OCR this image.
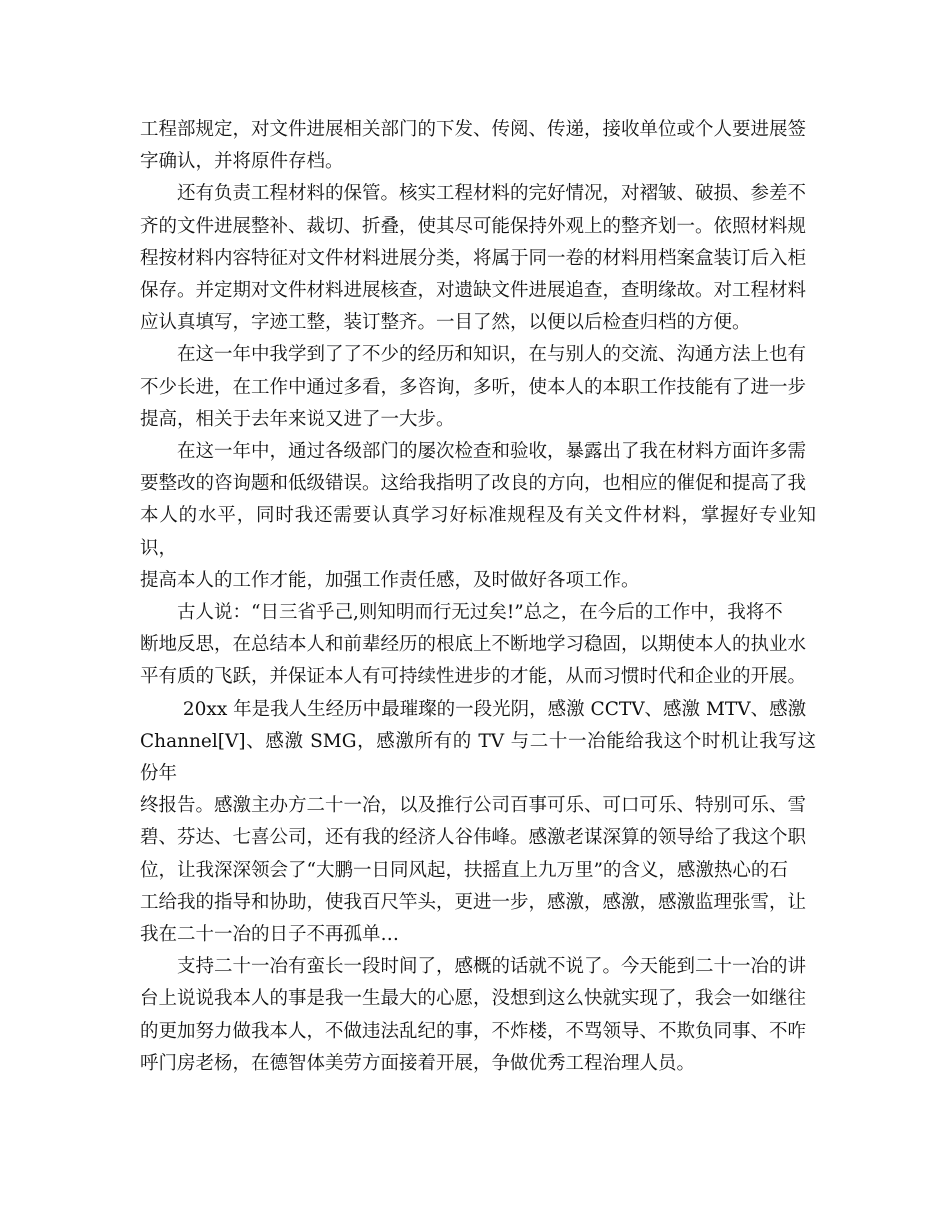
工程部规定，对文件进展相关部门的下发、传阅、传递，接收单位或个人要进展签
字确认，并将原件存档。

　　还有负责工程材料的保管。核实工程材料的完好情况，对褶皱、破损、参差不
齐的文件进展整补、裁切、折叠，使其尽可能保持外观上的整齐划一。依照材料规
程按材料内容特征对文件材料进展分类，将属于同一卷的材料用档案盒装订后入柜
保存。并定期对文件材料进展核查，对遗缺文件进展追查，查明缘故。对工程材料
应认真填写，字迹工整，装订整齐。一目了然，以便以后检查归档的方便。

　　在这一年中我学到了了不少的经历和知识，在与别人的交流、沟通方法上也有
不少长进，在工作中通过多看，多咨询，多听，使本人的本职工作技能有了进一步
提高，相关于去年来说又进了一大步。

　　在这一年中，通过各级部门的屡次检查和验收，暴露出了我在材料方面许多需
要整改的咨询题和低级错误。这给我指明了改良的方向，也相应的催促和提高了我
本人的水平，同时我还需要认真学习好标准规程及有关文件材料，掌握好专业知识，
提高本人的工作才能，加强工作责任感，及时做好各项工作。

　　古人说：“日三省乎己,则知明而行无过矣!”总之，在今后的工作中，我将不
断地反思，在总结本人和前辈经历的根底上不断地学习稳固，以期使本人的执业水
平有质的飞跃，并保证本人有可持续性进步的才能，从而习惯时代和企业的开展。

　　 20xx 年是我人生经历中最璀璨的一段光阴，感激 CCTV、感激 MTV、感激
Channel[V]、感激 SMG，感激所有的 TV 与二十一冶能给我这个时机让我写这份年
终报告。感激主办方二十一冶，以及推行公司百事可乐、可口可乐、特别可乐、雪
碧、芬达、七喜公司，还有我的经济人谷伟峰。感激老谋深算的领导给了我这个职
位，让我深深领会了“大鹏一日同风起，扶摇直上九万里”的含义，感激热心的石
工给我的指导和协助，使我百尺竿头，更进一步，感激，感激，感激监理张雪，让
我在二十一冶的日子不再孤单…

　　支持二十一冶有蛮长一段时间了，感概的话就不说了。今天能到二十一冶的讲
台上说说我本人的事是我一生最大的心愿，没想到这么快就实现了，我会一如继往
的更加努力做我本人，不做违法乱纪的事，不炸楼，不骂领导、不欺负同事、不咋
呼门房老杨，在德智体美劳方面接着开展，争做优秀工程治理人员。
